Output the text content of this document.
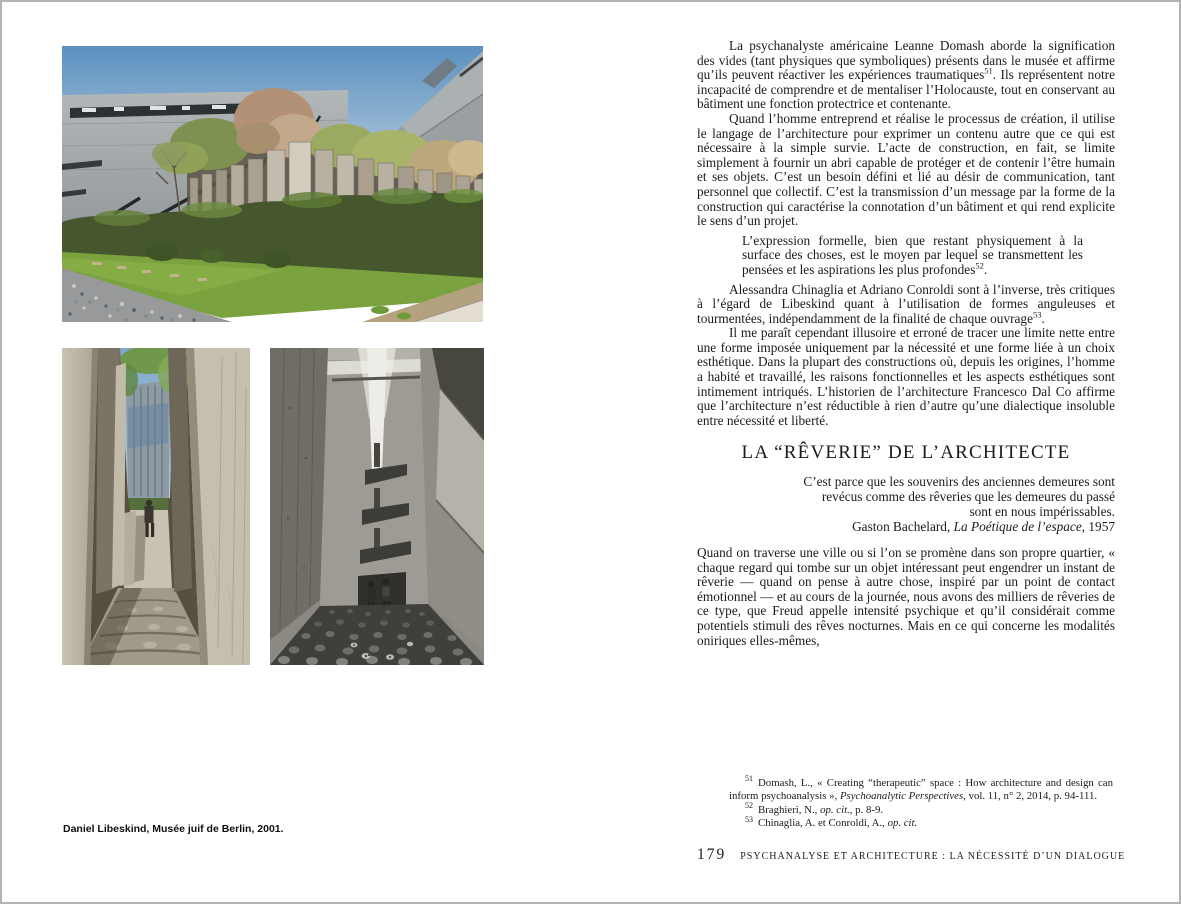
Daniel Libeskind, Musée juif de Berlin, 2001.

La psychanalyste américaine Leanne Domash aborde la signification des vides (tant physiques que symboliques) présents dans le musée et affirme qu’ils peuvent réactiver les expériences traumatiques$^{51}$. Ils représentent notre incapacité de comprendre et de mentaliser l’Holocauste, tout en conservant au bâtiment une fonction protectrice et contenante.

Quand l’homme entreprend et réalise le processus de création, il utilise le langage de l’architecture pour exprimer un contenu autre que ce qui est nécessaire à la simple survie. L’acte de construction, en fait, se limite simplement à fournir un abri capable de protéger et de contenir l’être humain et ses objets. C’est un besoin défini et lié au désir de communication, tant personnel que collectif. C’est la transmission d’un message par la forme de la construction qui caractérise la connotation d’un bâtiment et qui rend explicite le sens d’un projet.

L’expression formelle, bien que restant physiquement à la surface des choses, est le moyen par lequel se transmettent les pensées et les aspirations les plus profondes$^{52}$.

Alessandra Chinaglia et Adriano Conroldi sont à l’inverse, très critiques à l’égard de Libeskind quant à l’utilisation de formes anguleuses et tourmentées, indépendamment de la finalité de chaque ouvrage$^{53}$.

Il me paraît cependant illusoire et erroné de tracer une limite nette entre une forme imposée uniquement par la nécessité et une forme liée à un choix esthétique. Dans la plupart des constructions où, depuis les origines, l’homme a habité et travaillé, les raisons fonctionnelles et les aspects esthétiques sont intimement intriqués. L’historien de l’architecture Francesco Dal Co affirme que l’architecture n’est réductible à rien d’autre qu’une dialectique insoluble entre nécessité et liberté.

LA “RÊVERIE” DE L’ARCHITECTE
C’est parce que les souvenirs des anciennes demeures sont
revécus comme des rêveries que les demeures du passé
sont en nous impérissables.
Gaston Bachelard, La Poétique de l’espace, 1957

Quand on traverse une ville ou si l’on se promène dans son propre quartier, « chaque regard qui tombe sur un objet intéressant peut engendrer un instant de rêverie — quand on pense à autre chose, inspiré par un point de contact émotionnel — et au cours de la journée, nous avons des milliers de rêveries de ce type, que Freud appelle intensité psychique et qu’il considérait comme potentiels stimuli des rêves nocturnes. Mais en ce qui concerne les modalités oniriques elles-mêmes,

$^{51}$ Domash, L., « Creating “therapeutic” space : How architecture and design can inform psychoanalysis », Psychoanalytic Perspectives, vol. 11, n° 2, 2014, p. 94-111.
$^{52}$ Braghieri, N., op. cit., p. 8-9.
$^{53}$ Chinaglia, A. et Conroldi, A., op. cit.
179 PSYCHANALYSE ET ARCHITECTURE : LA NÉCESSITÉ D’UN DIALOGUE
